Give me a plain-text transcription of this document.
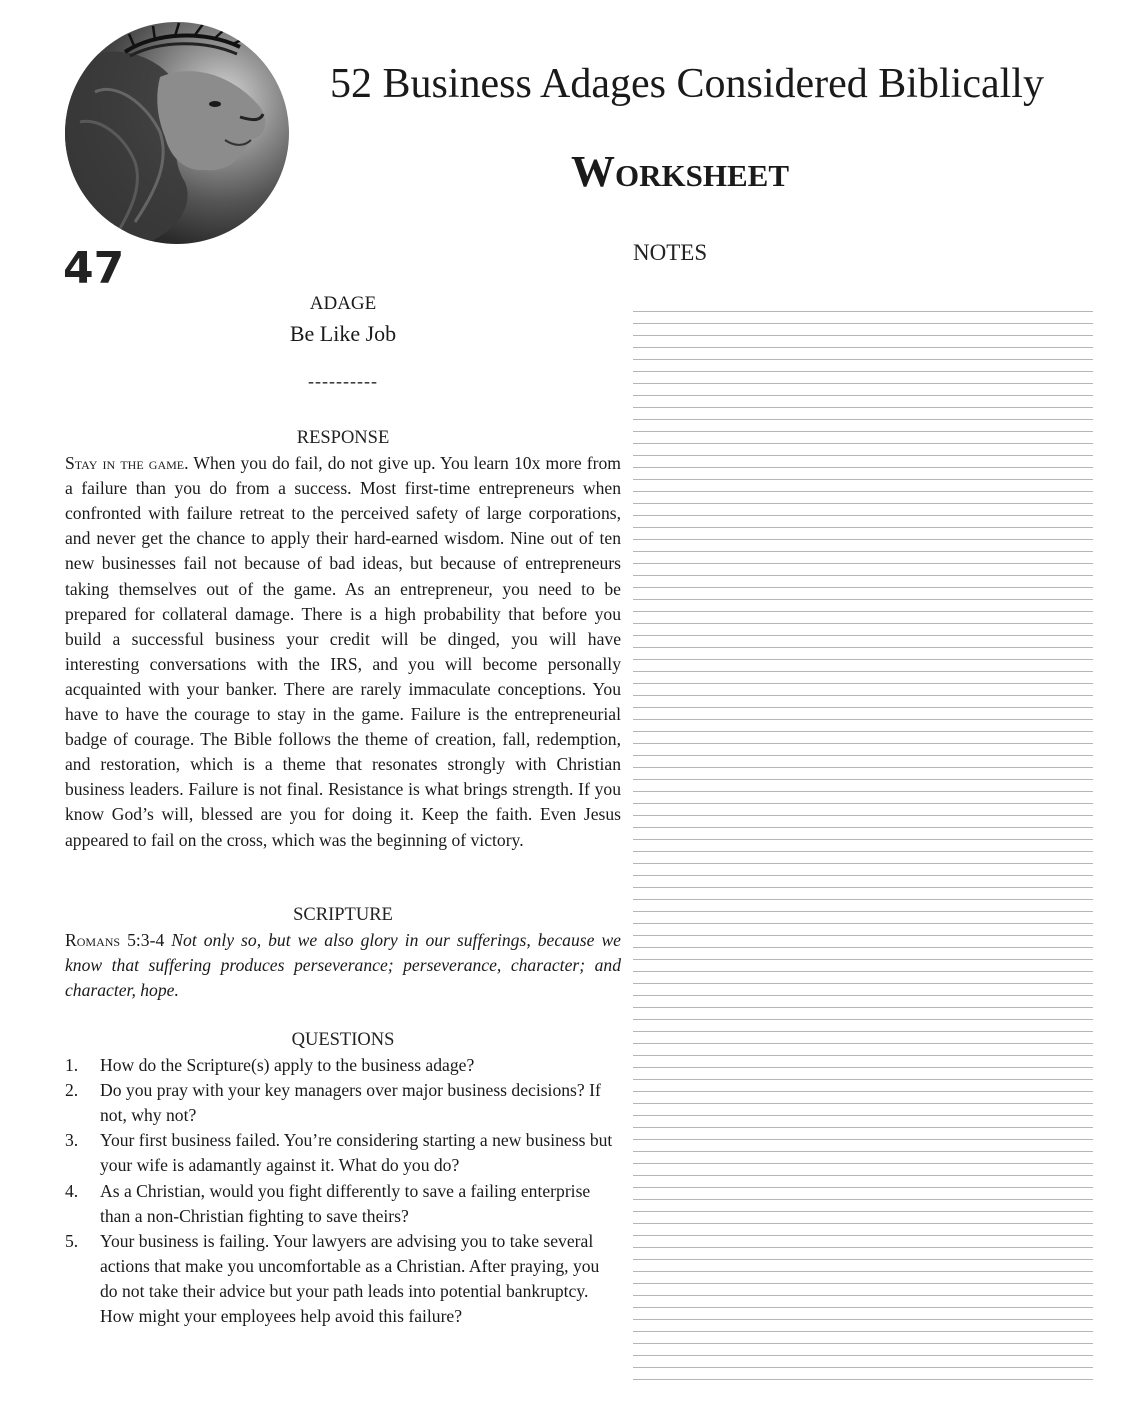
47
52 Business Adages Considered Biblically
Worksheet
NOTES
ADAGE
Be Like Job
----------
RESPONSE

Stay in the game. When you do fail, do not give up. You learn 10x more from a failure than you do from a success. Most first-time entrepreneurs when confronted with failure retreat to the perceived safety of large corporations, and never get the chance to apply their hard-earned wisdom. Nine out of ten new businesses fail not because of bad ideas, but because of entrepreneurs taking themselves out of the game. As an entrepreneur, you need to be prepared for collateral damage. There is a high probability that before you build a successful business your credit will be dinged, you will have interesting conversations with the IRS, and you will become personally acquainted with your banker. There are rarely immaculate conceptions. You have to have the courage to stay in the game. Failure is the entrepreneurial badge of courage. The Bible follows the theme of creation, fall, redemption, and restoration, which is a theme that resonates strongly with Christian business leaders. Failure is not final. Resistance is what brings strength. If you know God’s will, blessed are you for doing it. Keep the faith. Even Jesus appeared to fail on the cross, which was the beginning of victory.

SCRIPTURE

Romans 5:3-4 Not only so, but we also glory in our sufferings, because we know that suffering produces perseverance; perseverance, character; and character, hope.

QUESTIONS
1. How do the Scripture(s) apply to the business adage?
2. Do you pray with your key managers over major business decisions? If not, why not?
3. Your first business failed. You’re considering starting a new business but your wife is adamantly against it. What do you do?
4. As a Christian, would you fight differently to save a failing enterprise than a non-Christian fighting to save theirs?
5. Your business is failing. Your lawyers are advising you to take several actions that make you uncomfortable as a Christian. After praying, you do not take their advice but your path leads into potential bankruptcy. How might your employees help avoid this failure?
